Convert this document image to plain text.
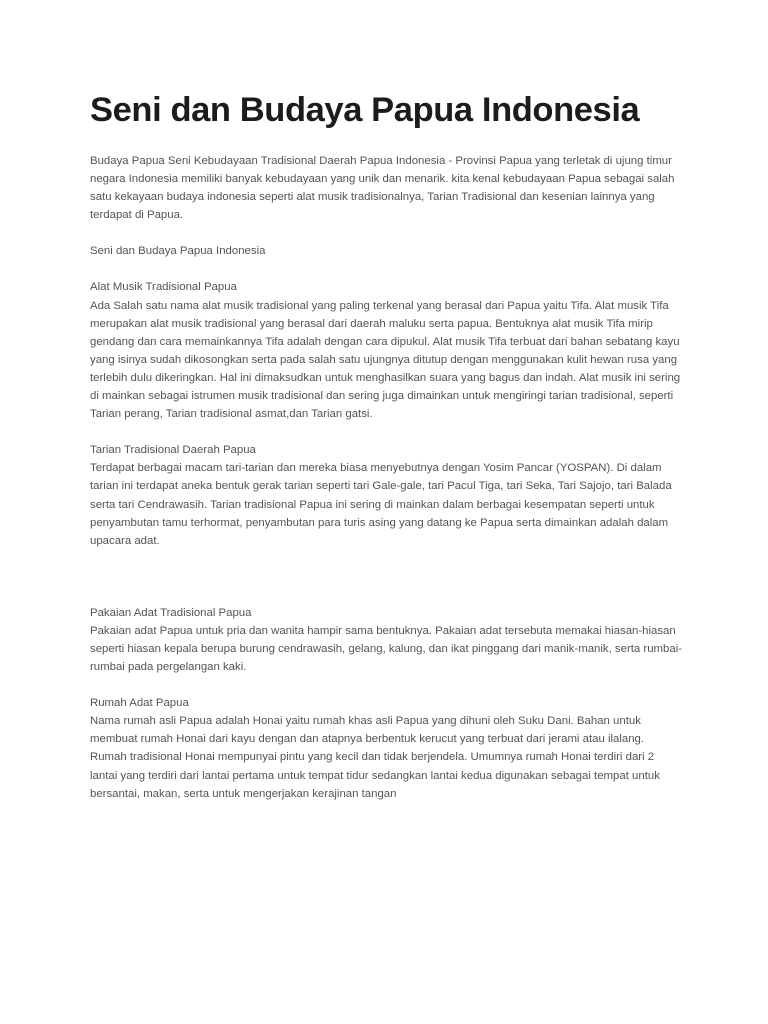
Seni dan Budaya Papua Indonesia

Budaya Papua Seni Kebudayaan Tradisional Daerah Papua Indonesia - Provinsi Papua yang terletak di ujung timur

negara Indonesia memiliki banyak kebudayaan yang unik dan menarik. kita kenal kebudayaan Papua sebagai salah

satu kekayaan budaya indonesia seperti alat musik tradisionalnya, Tarian Tradisional dan kesenian lainnya yang

terdapat di Papua.

Seni dan Budaya Papua Indonesia

Alat Musik Tradisional Papua

Ada Salah satu nama alat musik tradisional yang paling terkenal yang berasal dari Papua yaitu Tifa. Alat musik Tifa

merupakan alat musik tradisional yang berasal dari daerah maluku serta papua. Bentuknya alat musik Tifa mirip

gendang dan cara memainkannya Tifa adalah dengan cara dipukul. Alat musik Tifa terbuat dari bahan sebatang kayu

yang isinya sudah dikosongkan serta pada salah satu ujungnya ditutup dengan menggunakan kulit hewan rusa yang

terlebih dulu dikeringkan. Hal ini dimaksudkan untuk menghasilkan suara yang bagus dan indah. Alat musik ini sering

di mainkan sebagai istrumen musik tradisional dan sering juga dimainkan untuk mengiringi tarian tradisional, seperti

Tarian perang, Tarian tradisional asmat,dan Tarian gatsi.

Tarian Tradisional Daerah Papua

Terdapat berbagai macam tari-tarian dan mereka biasa menyebutnya dengan Yosim Pancar (YOSPAN). Di dalam

tarian ini terdapat aneka bentuk gerak tarian seperti tari Gale-gale, tari Pacul Tiga, tari Seka, Tari Sajojo, tari Balada

serta tari Cendrawasih. Tarian tradisional Papua ini sering di mainkan dalam berbagai kesempatan seperti untuk

penyambutan tamu terhormat, penyambutan para turis asing yang datang ke Papua serta dimainkan adalah dalam

upacara adat.

Pakaian Adat Tradisional Papua

Pakaian adat Papua untuk pria dan wanita hampir sama bentuknya. Pakaian adat tersebuta memakai hiasan-hiasan

seperti hiasan kepala berupa burung cendrawasih, gelang, kalung, dan ikat pinggang dari manik-manik, serta rumbai-

rumbai pada pergelangan kaki.

Rumah Adat Papua

Nama rumah asli Papua adalah Honai yaitu rumah khas asli Papua yang dihuni oleh Suku Dani. Bahan untuk

membuat rumah Honai dari kayu dengan dan atapnya berbentuk kerucut yang terbuat dari jerami atau ilalang.

Rumah tradisional Honai mempunyai pintu yang kecil dan tidak berjendela. Umumnya rumah Honai terdiri dari 2

lantai yang terdiri dari lantai pertama untuk tempat tidur sedangkan lantai kedua digunakan sebagai tempat untuk

bersantai, makan, serta untuk mengerjakan kerajinan tangan
